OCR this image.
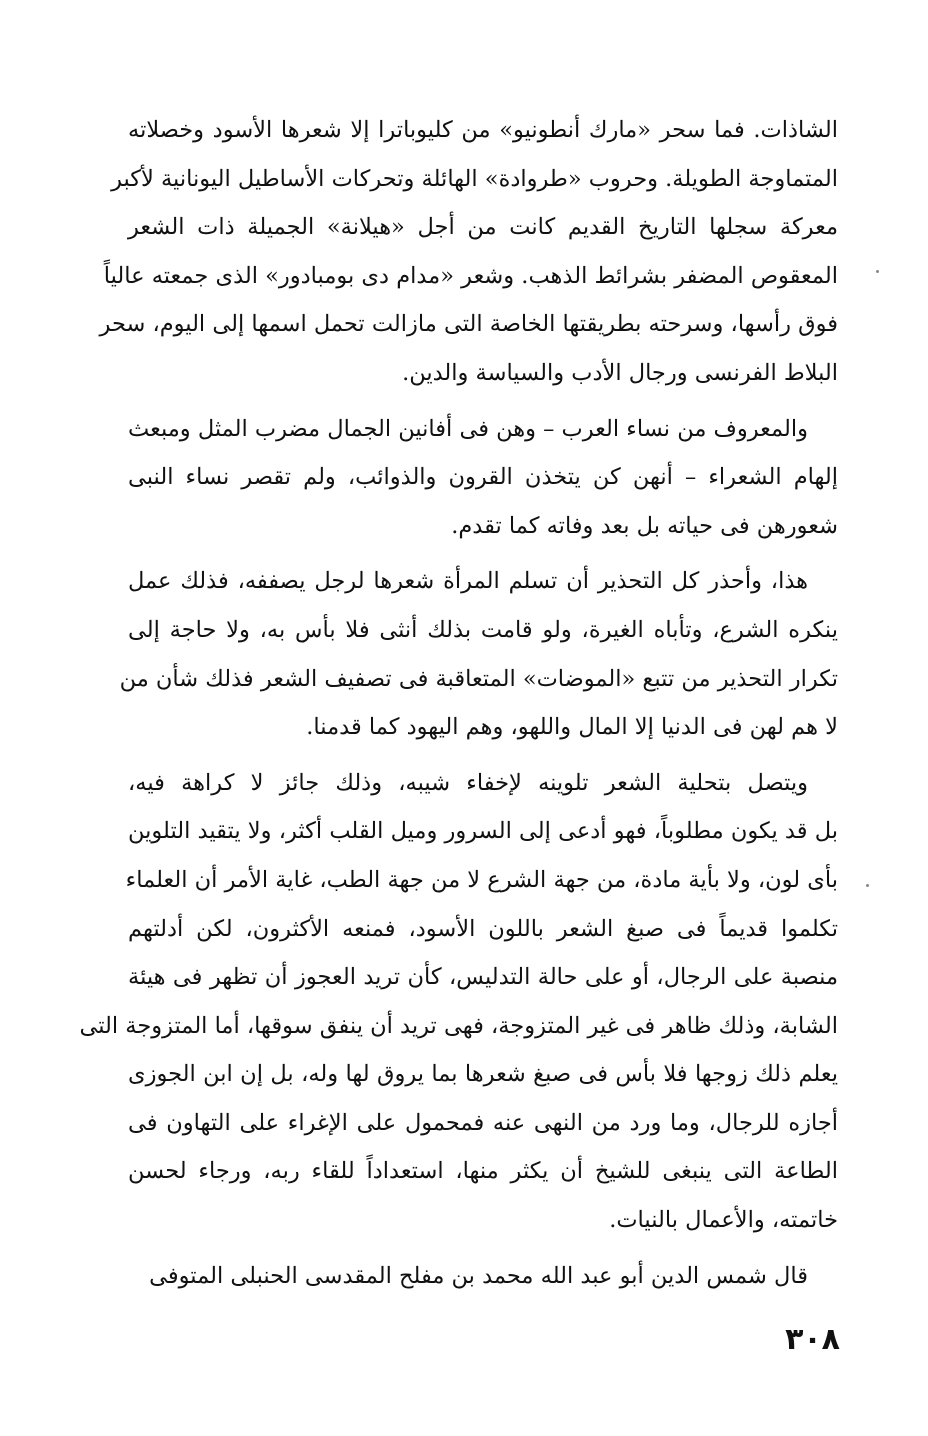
الشاذات. فما سحر «مارك أنطونيو» من كليوباترا إلا شعرها الأسود وخصلاته
المتماوجة الطويلة. وحروب «طروادة» الهائلة وتحركات الأساطيل اليونانية لأكبر
معركة سجلها التاريخ القديم كانت من أجل «هيلانة» الجميلة ذات الشعر
المعقوص المضفر بشرائط الذهب. وشعر «مدام دى بومبادور» الذى جمعته عالياً
فوق رأسها، وسرحته بطريقتها الخاصة التى مازالت تحمل اسمها إلى اليوم، سحر
البلاط الفرنسى ورجال الأدب والسياسة والدين.

والمعروف من نساء العرب – وهن فى أفانين الجمال مضرب المثل ومبعث
إلهام الشعراء – أنهن كن يتخذن القرون والذوائب، ولم تقصر نساء النبى
شعورهن فى حياته بل بعد وفاته كما تقدم.

هذا، وأحذر كل التحذير أن تسلم المرأة شعرها لرجل يصففه، فذلك عمل
ينكره الشرع، وتأباه الغيرة، ولو قامت بذلك أنثى فلا بأس به، ولا حاجة إلى
تكرار التحذير من تتبع «الموضات» المتعاقبة فى تصفيف الشعر فذلك شأن من
لا هم لهن فى الدنيا إلا المال واللهو، وهم اليهود كما قدمنا.

ويتصل بتحلية الشعر تلوينه لإخفاء شيبه، وذلك جائز لا كراهة فيه،
بل قد يكون مطلوباً، فهو أدعى إلى السرور وميل القلب أكثر، ولا يتقيد التلوين
بأى لون، ولا بأية مادة، من جهة الشرع لا من جهة الطب، غاية الأمر أن العلماء
تكلموا قديماً فى صبغ الشعر باللون الأسود، فمنعه الأكثرون، لكن أدلتهم
منصبة على الرجال، أو على حالة التدليس، كأن تريد العجوز أن تظهر فى هيئة
الشابة، وذلك ظاهر فى غير المتزوجة، فهى تريد أن ينفق سوقها، أما المتزوجة التى
يعلم ذلك زوجها فلا بأس فى صبغ شعرها بما يروق لها وله، بل إن ابن الجوزى
أجازه للرجال، وما ورد من النهى عنه فمحمول على الإغراء على التهاون فى
الطاعة التى ينبغى للشيخ أن يكثر منها، استعداداً للقاء ربه، ورجاء لحسن
خاتمته، والأعمال بالنيات.

قال شمس الدين أبو عبد الله محمد بن مفلح المقدسى الحنبلى المتوفى

٣٠٨
